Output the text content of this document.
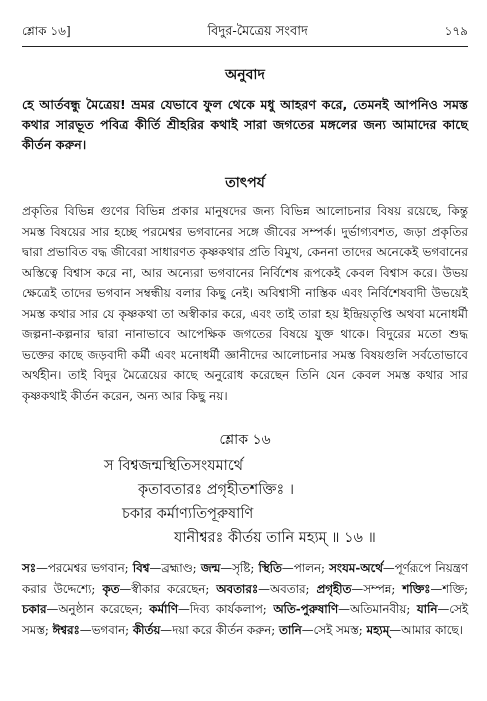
শ্লোক ১৬]	বিদুর-মৈত্রেয় সংবাদ	১৭৯
অনুবাদ
হে আর্তবন্ধু মৈত্রেয়! ভ্রমর যেভাবে ফুল থেকে মধু আহরণ করে, তেমনই আপনিও সমস্ত কথার সারভূত পবিত্র কীর্তি শ্রীহরির কথাই সারা জগতের মঙ্গলের জন্য আমাদের কাছে কীর্তন করুন।
তাৎপর্য
প্রকৃতির বিভিন্ন গুণের বিভিন্ন প্রকার মানুষদের জন্য বিভিন্ন আলোচনার বিষয় রয়েছে, কিন্তু সমস্ত বিষয়ের সার হচ্ছে পরমেশ্বর ভগবানের সঙ্গে জীবের সম্পর্ক। দুর্ভাগ্যবশত, জড়া প্রকৃতির দ্বারা প্রভাবিত বদ্ধ জীবেরা সাধারণত কৃষ্ণকথার প্রতি বিমুখ, কেননা তাদের অনেকেই ভগবানের অস্তিত্বে বিশ্বাস করে না, আর অন্যেরা ভগবানের নির্বিশেষ রূপকেই কেবল বিশ্বাস করে। উভয় ক্ষেত্রেই তাদের ভগবান সম্বন্ধীয় বলার কিছু নেই। অবিশ্বাসী নাস্তিক এবং নির্বিশেষবাদী উভয়েই সমস্ত কথার সার যে কৃষ্ণকথা তা অস্বীকার করে, এবং তাই তারা হয় ইন্দ্রিয়তৃপ্তি অথবা মনোধর্মী জল্পনা-কল্পনার দ্বারা নানাভাবে আপেক্ষিক জগতের বিষয়ে যুক্ত থাকে। বিদুরের মতো শুদ্ধ ভক্তের কাছে জড়বাদী কর্মী এবং মনোধর্মী জ্ঞানীদের আলোচনার সমস্ত বিষয়গুলি সর্বতোভাবে অর্থহীন। তাই বিদুর মৈত্রেয়ের কাছে অনুরোধ করেছেন তিনি যেন কেবল সমস্ত কথার সার কৃষ্ণকথাই কীর্তন করেন, অন্য আর কিছু নয়।
শ্লোক ১৬
স বিশ্বজন্মস্থিতিসংযমার্থে
কৃতাবতারঃ প্রগৃহীতশক্তিঃ ।
চকার কর্মাণ্যতিপূরুষাণি
যানীশ্বরঃ কীর্তয় তানি মহ্যম্ ॥ ১৬ ॥
সঃ—পরমেশ্বর ভগবান; বিশ্ব—ব্রহ্মাণ্ড; জন্ম—সৃষ্টি; স্থিতি—পালন; সংযম-অর্থে—পূর্ণরূপে নিয়ন্ত্রণ করার উদ্দেশ্যে; কৃত—স্বীকার করেছেন; অবতারঃ—অবতার; প্রগৃহীত—সম্পন্ন; শক্তিঃ—শক্তি; চকার—অনুষ্ঠান করেছেন; কর্মাণি—দিব্য কার্যকলাপ; অতি-পুরুষাণি—অতিমানবীয়; যানি—সেই সমস্ত; ঈশ্বরঃ—ভগবান; কীর্তয়—দয়া করে কীর্তন করুন; তানি—সেই সমস্ত; মহ্যম্—আমার কাছে।
